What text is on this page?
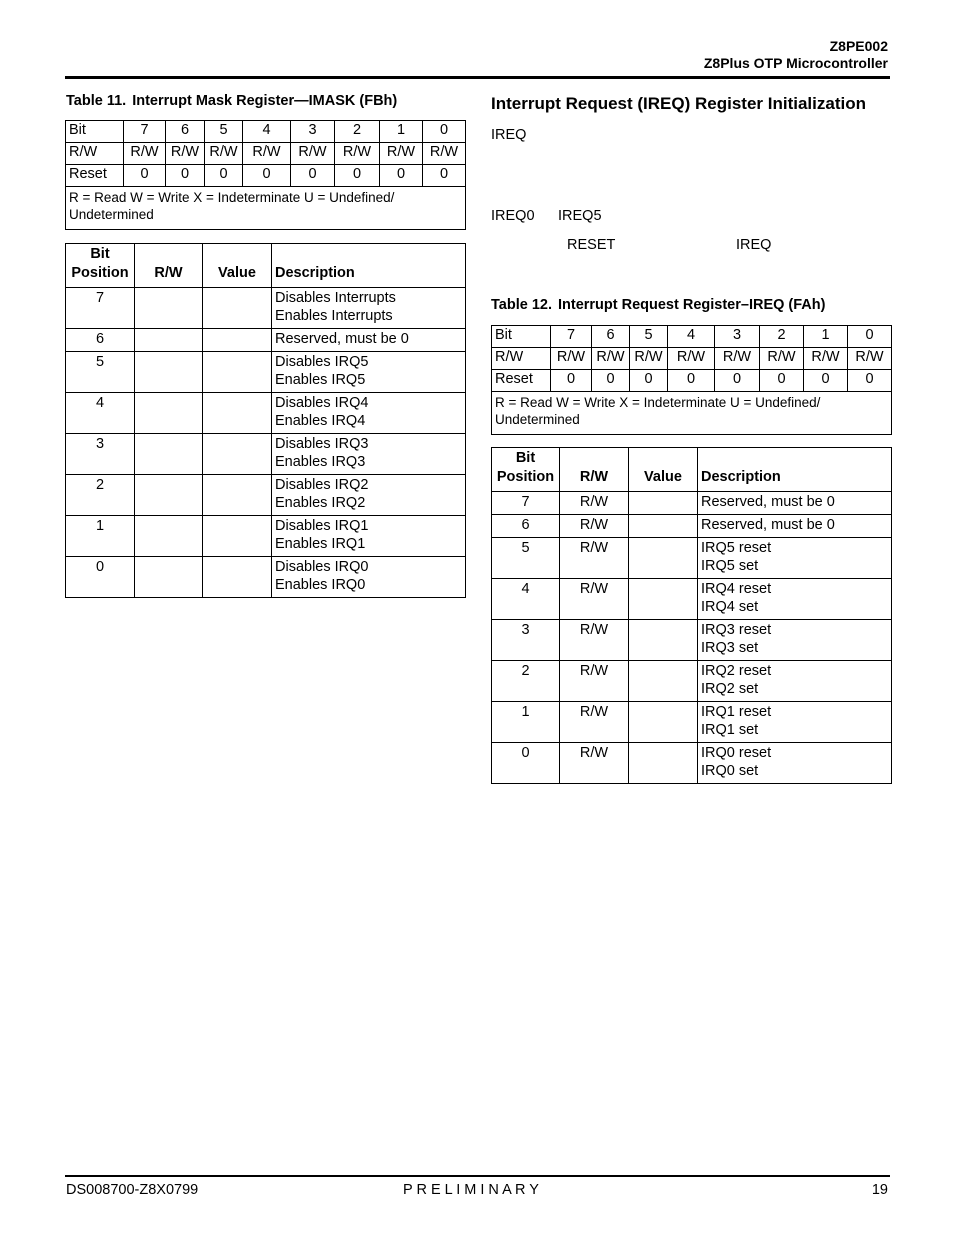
Z8PE002
Z8Plus OTP Microcontroller
Table 11. Interrupt Mask Register—IMASK (FBh)
Bit	7	6	5	4	3	2	1	0
R/W	R/W	R/W	R/W	R/W	R/W	R/W	R/W	R/W
Reset	0	0	0	0	0	0	0	0
R = Read W = Write X = Indeterminate U = Undefined/ Undetermined								
Bit
Position	R/W	Value	Description
7			Disables Interrupts
Enables Interrupts

6			Reserved, must be 0

5			Disables IRQ5
Enables IRQ5

4			Disables IRQ4
Enables IRQ4

3			Disables IRQ3
Enables IRQ3

2			Disables IRQ2
Enables IRQ2

1			Disables IRQ1
Enables IRQ1

0			Disables IRQ0
Enables IRQ0
Interrupt Request (IREQ) Register Initialization
IREQ
IREQ0 IREQ5
RESET	IREQ
Table 12. Interrupt Request Register–IREQ (FAh)
Bit	7	6	5	4	3	2	1	0
R/W	R/W	R/W	R/W	R/W	R/W	R/W	R/W	R/W
Reset	0	0	0	0	0	0	0	0
R = Read W = Write X = Indeterminate U = Undefined/ Undetermined								
Bit
Position	R/W	Value	Description
7	R/W		Reserved, must be 0

6	R/W		Reserved, must be 0

5	R/W		IRQ5 reset
IRQ5 set

4	R/W		IRQ4 reset
IRQ4 set

3	R/W		IRQ3 reset
IRQ3 set

2	R/W		IRQ2 reset
IRQ2 set

1	R/W		IRQ1 reset
IRQ1 set

0	R/W		IRQ0 reset
IRQ0 set
DS008700-Z8X0799	P R E L I M I N A R Y	19
